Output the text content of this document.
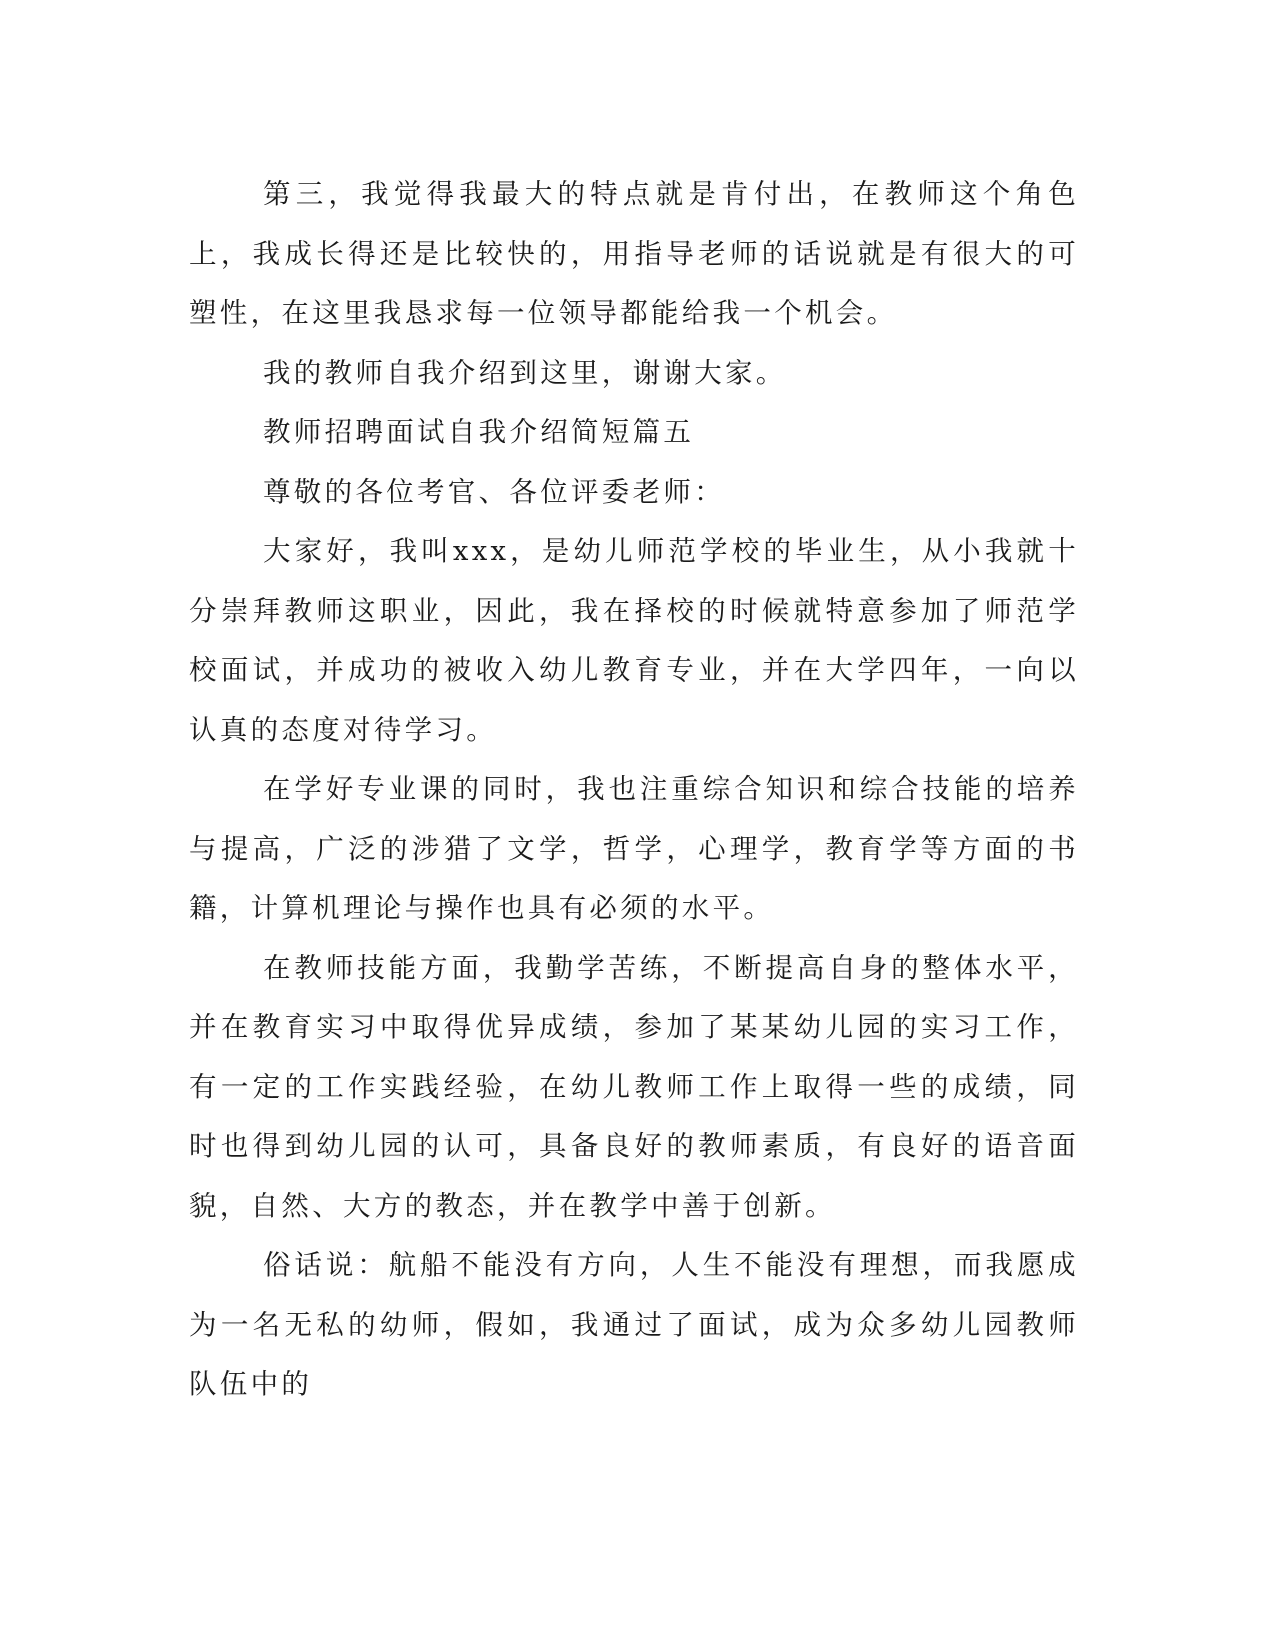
第三，我觉得我最大的特点就是肯付出，在教师这个角色上，我成长得还是比较快的，用指导老师的话说就是有很大的可塑性，在这里我恳求每一位领导都能给我一个机会。

我的教师自我介绍到这里，谢谢大家。

教师招聘面试自我介绍简短篇五

尊敬的各位考官、各位评委老师：

大家好，我叫xxx，是幼儿师范学校的毕业生，从小我就十分崇拜教师这职业，因此，我在择校的时候就特意参加了师范学校面试，并成功的被收入幼儿教育专业，并在大学四年，一向以认真的态度对待学习。

在学好专业课的同时，我也注重综合知识和综合技能的培养与提高，广泛的涉猎了文学，哲学，心理学，教育学等方面的书籍，计算机理论与操作也具有必须的水平。

在教师技能方面，我勤学苦练，不断提高自身的整体水平，并在教育实习中取得优异成绩，参加了某某幼儿园的实习工作，有一定的工作实践经验，在幼儿教师工作上取得一些的成绩，同时也得到幼儿园的认可，具备良好的教师素质，有良好的语音面貌，自然、大方的教态，并在教学中善于创新。

俗话说：航船不能没有方向，人生不能没有理想，而我愿成为一名无私的幼师，假如，我通过了面试，成为众多幼儿园教师队伍中的
